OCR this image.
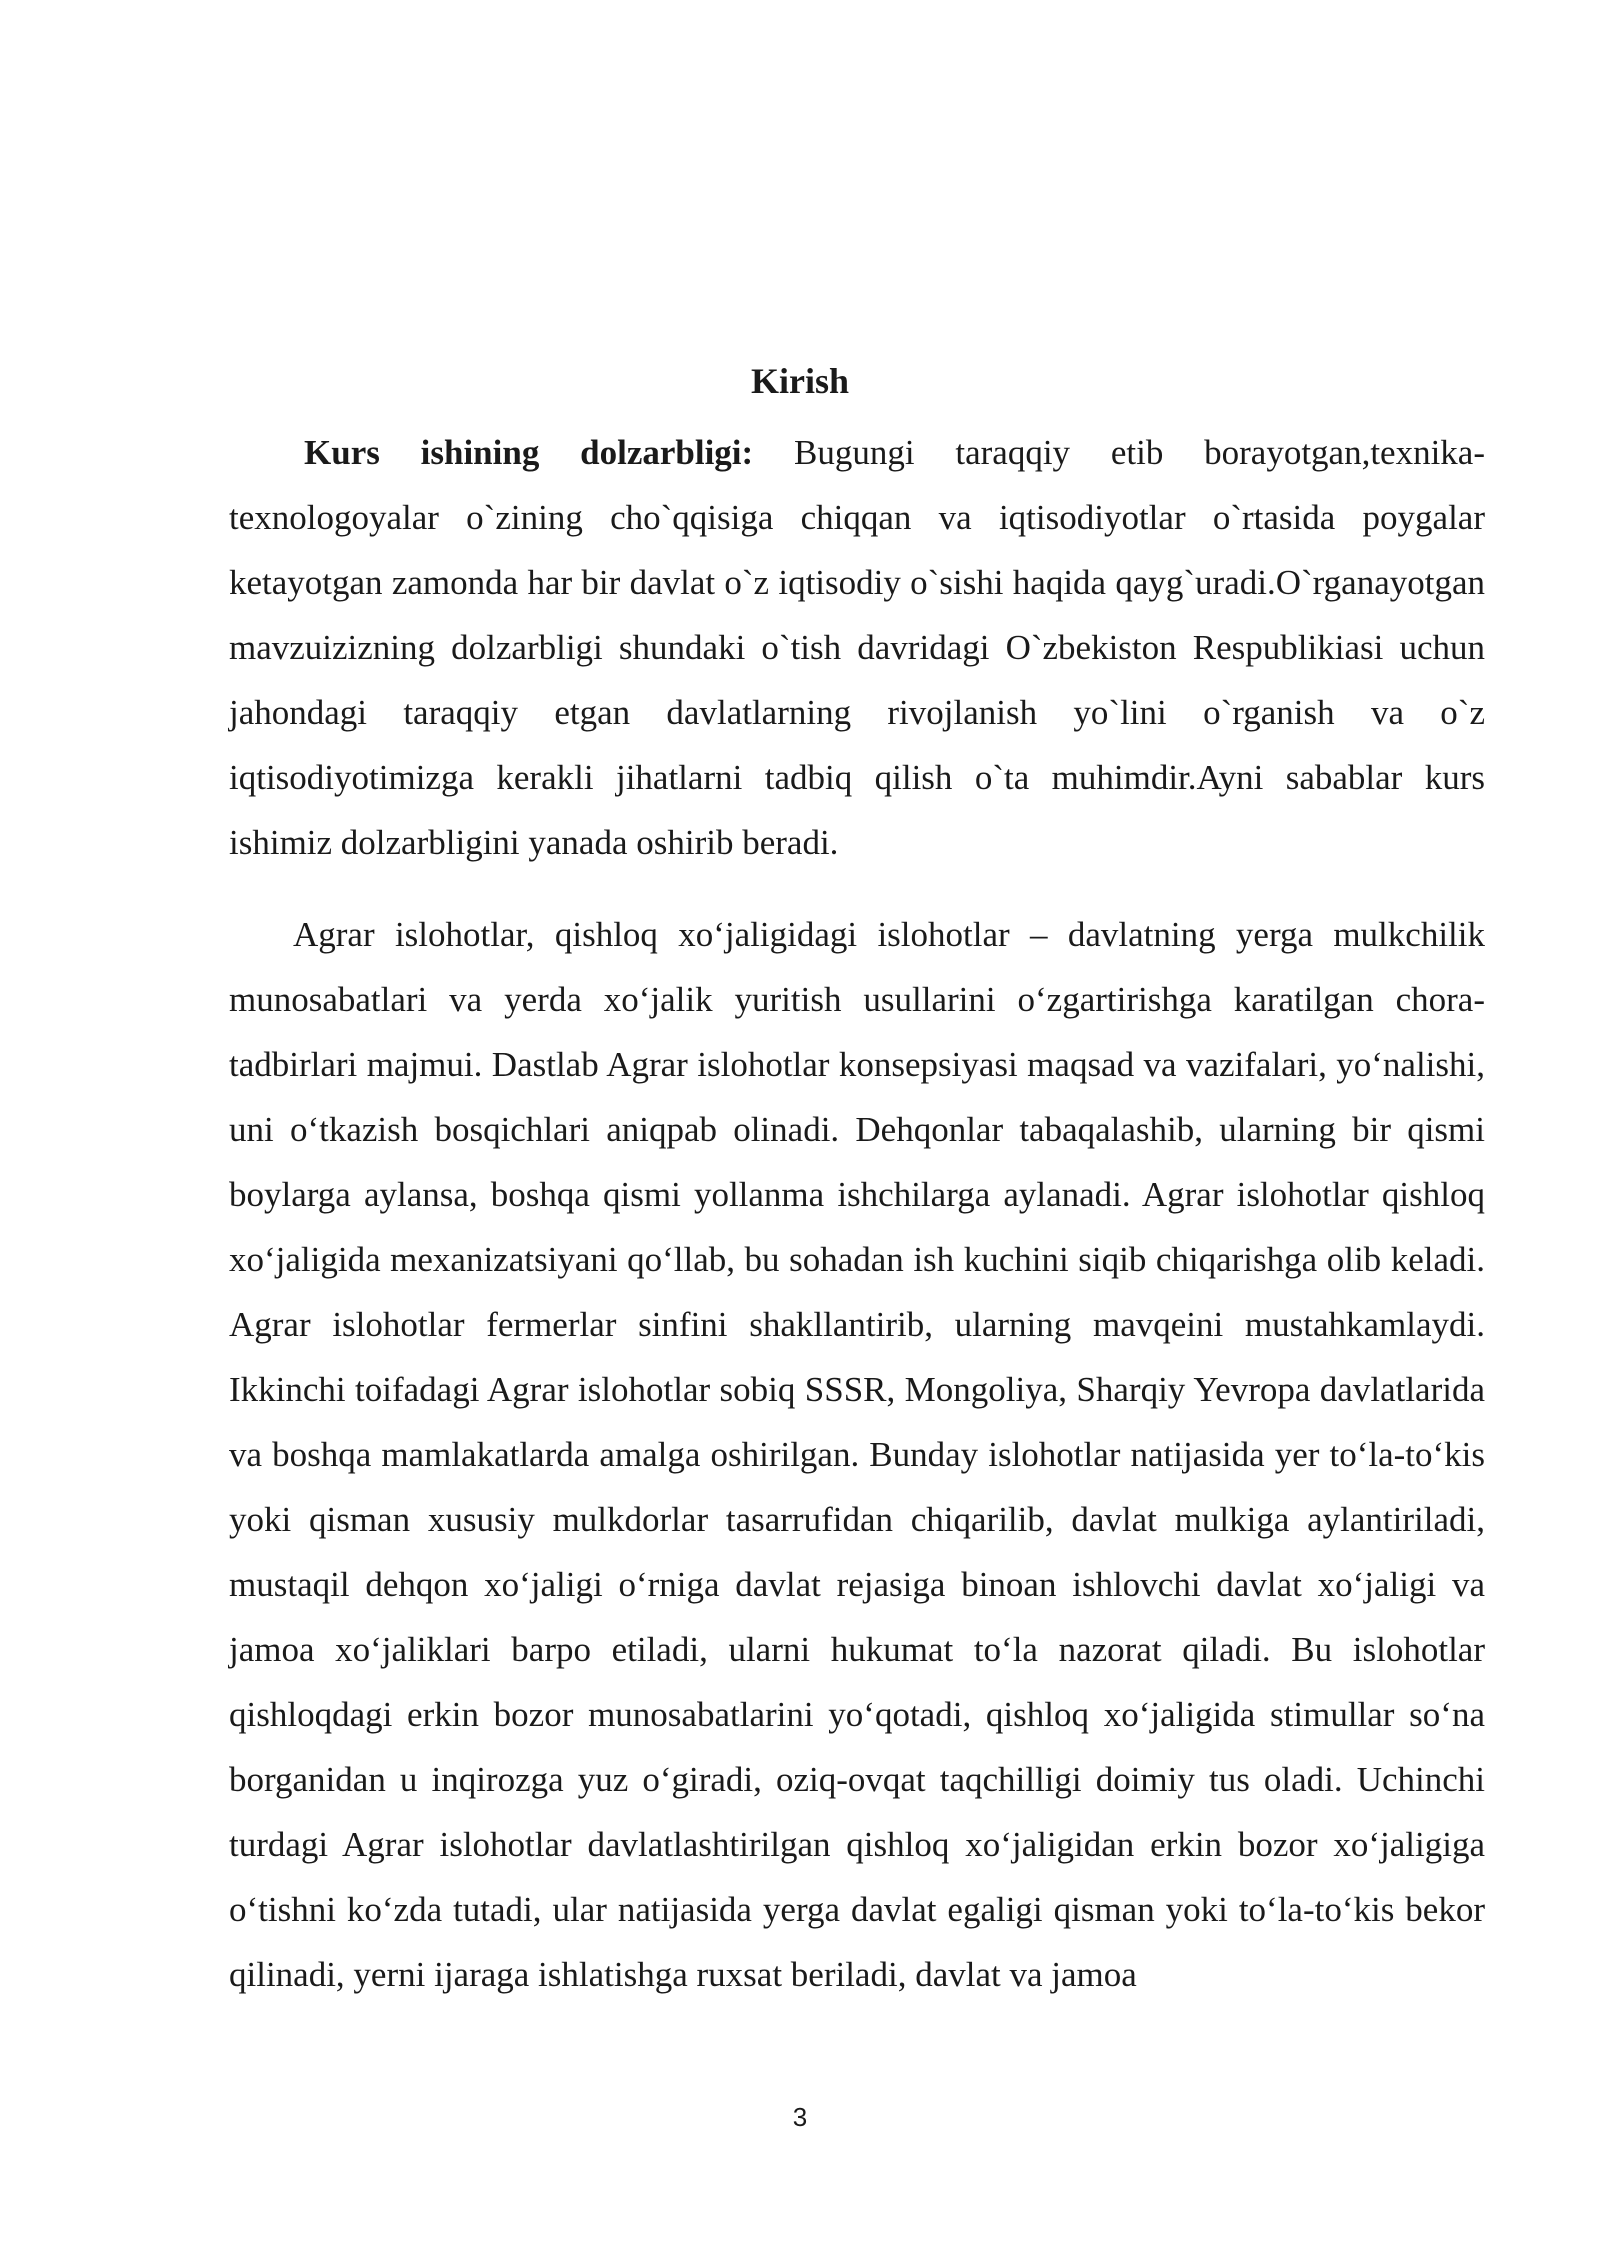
Kirish

Kurs ishining dolzarbligi: Bugungi taraqqiy etib borayotgan,texnika-texnologoyalar o`zining cho`qqisiga chiqqan va iqtisodiyotlar o`rtasida poygalar ketayotgan zamonda har bir davlat o`z iqtisodiy o`sishi haqida qayg`uradi.O`rganayotgan mavzuizizning dolzarbligi shundaki o`tish davridagi O`zbekiston Respublikiasi uchun jahondagi taraqqiy etgan davlatlarning rivojlanish yo`lini o`rganish va o`z iqtisodiyotimizga kerakli jihatlarni tadbiq qilish o`ta muhimdir.Ayni sabablar kurs ishimiz dolzarbligini yanada oshirib beradi.

Agrar islohotlar, qishloq xo‘jaligidagi islohotlar – davlatning yerga mulkchilik munosabatlari va yerda xo‘jalik yuritish usullarini o‘zgartirishga karatilgan chora-tadbirlari majmui. Dastlab Agrar islohotlar konsepsiyasi maqsad va vazifalari, yo‘nalishi, uni o‘tkazish bosqichlari aniqpab olinadi. Dehqonlar tabaqalashib, ularning bir qismi boylarga aylansa, boshqa qismi yollanma ishchilarga aylanadi. Agrar islohotlar qishloq xo‘jaligida mexanizatsiyani qo‘llab, bu sohadan ish kuchini siqib chiqarishga olib keladi. Agrar islohotlar fermerlar sinfini shakllantirib, ularning mavqeini mustahkamlaydi. Ikkinchi toifadagi Agrar islohotlar sobiq SSSR, Mongoliya, Sharqiy Yevropa davlatlarida va boshqa mamlakatlarda amalga oshirilgan. Bunday islohotlar natijasida yer to‘la-to‘kis yoki qisman xususiy mulkdorlar tasarrufidan chiqarilib, davlat mulkiga aylantiriladi, mustaqil dehqon xo‘jaligi o‘rniga davlat rejasiga binoan ishlovchi davlat xo‘jaligi va jamoa xo‘jaliklari barpo etiladi, ularni hukumat to‘la nazorat qiladi. Bu islohotlar qishloqdagi erkin bozor munosabatlarini yo‘qotadi, qishloq xo‘jaligida stimullar so‘na borganidan u inqirozga yuz o‘giradi, oziq-ovqat taqchilligi doimiy tus oladi. Uchinchi turdagi Agrar islohotlar davlatlashtirilgan qishloq xo‘jaligidan erkin bozor xo‘jaligiga o‘tishni ko‘zda tutadi, ular natijasida yerga davlat egaligi qisman yoki to‘la-to‘kis bekor qilinadi, yerni ijaraga ishlatishga ruxsat beriladi, davlat va jamoa

3
